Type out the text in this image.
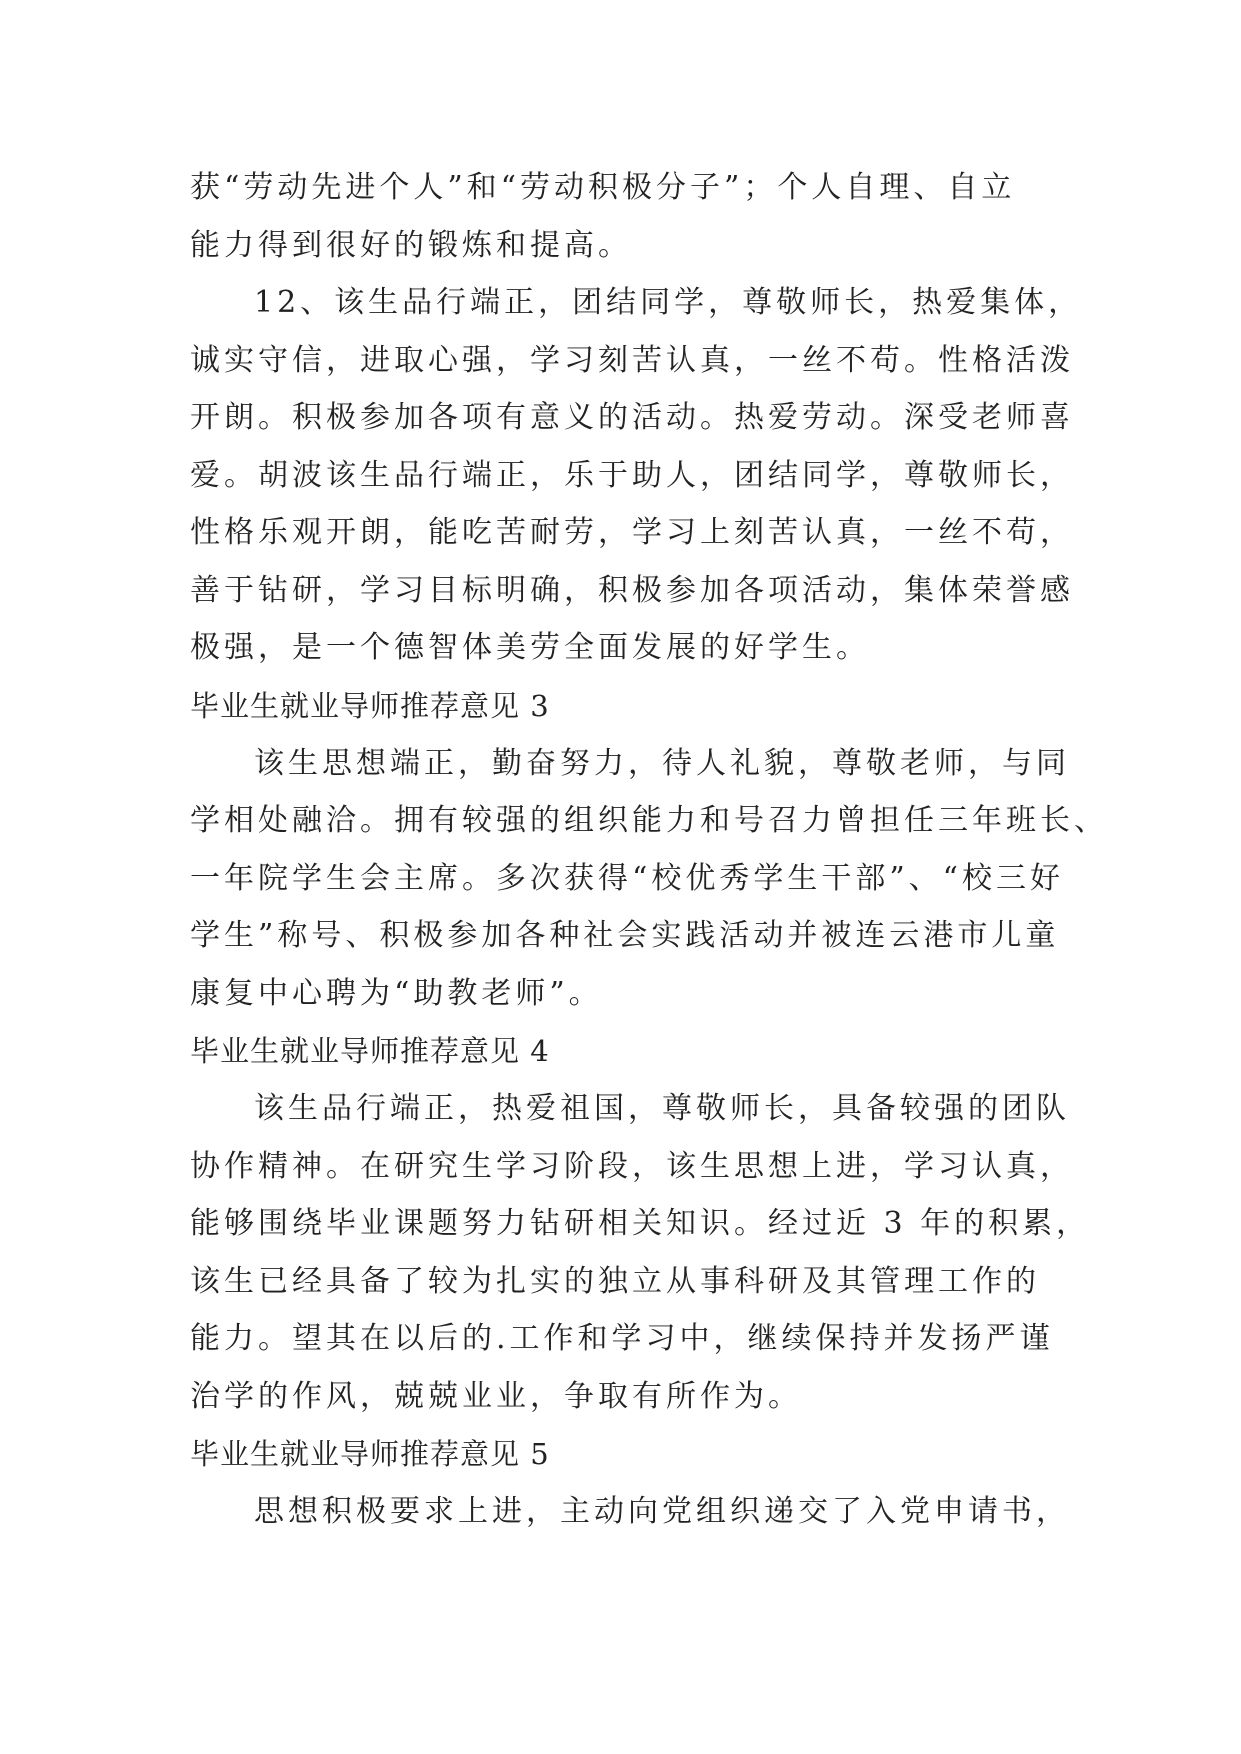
获“劳动先进个人”和“劳动积极分子”；个人自理、自立
能力得到很好的锻炼和提高。

12、该生品行端正，团结同学，尊敬师长，热爱集体，
诚实守信，进取心强，学习刻苦认真，一丝不苟。性格活泼
开朗。积极参加各项有意义的活动。热爱劳动。深受老师喜
爱。胡波该生品行端正，乐于助人，团结同学，尊敬师长，
性格乐观开朗，能吃苦耐劳，学习上刻苦认真，一丝不苟，
善于钻研，学习目标明确，积极参加各项活动，集体荣誉感
极强，是一个德智体美劳全面发展的好学生。

毕业生就业导师推荐意见 3

该生思想端正，勤奋努力，待人礼貌，尊敬老师，与同
学相处融洽。拥有较强的组织能力和号召力曾担任三年班长、
一年院学生会主席。多次获得“校优秀学生干部”、“校三好
学生”称号、积极参加各种社会实践活动并被连云港市儿童
康复中心聘为“助教老师”。

毕业生就业导师推荐意见 4

该生品行端正，热爱祖国，尊敬师长，具备较强的团队
协作精神。在研究生学习阶段，该生思想上进，学习认真，
能够围绕毕业课题努力钻研相关知识。经过近 3 年的积累，
该生已经具备了较为扎实的独立从事科研及其管理工作的
能力。望其在以后的.工作和学习中，继续保持并发扬严谨
治学的作风，兢兢业业，争取有所作为。

毕业生就业导师推荐意见 5

思想积极要求上进，主动向党组织递交了入党申请书，
